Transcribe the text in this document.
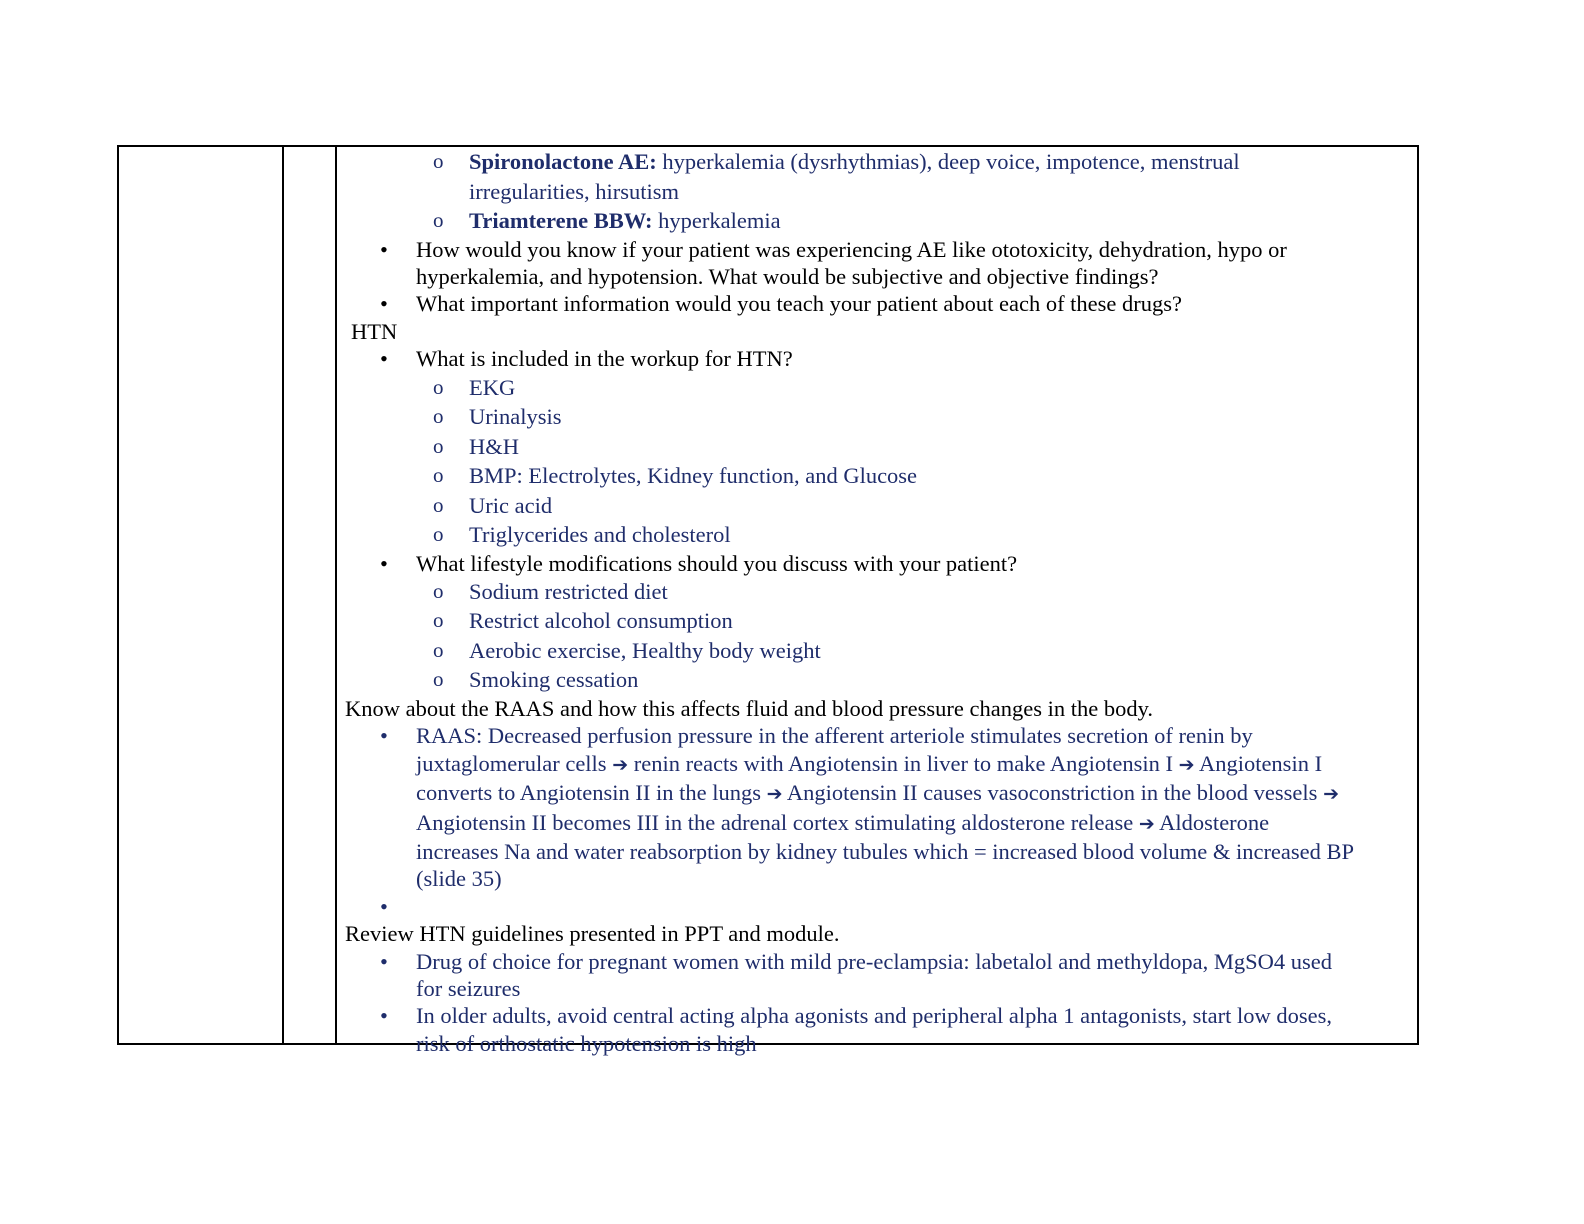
o Spironolactone AE: hyperkalemia (dysrhythmias), deep voice, impotence, menstrual
irregularities, hirsutism
o Triamterene BBW: hyperkalemia
• How would you know if your patient was experiencing AE like ototoxicity, dehydration, hypo or
hyperkalemia, and hypotension. What would be subjective and objective findings?
• What important information would you teach your patient about each of these drugs?
HTN
• What is included in the workup for HTN?
o EKG
o Urinalysis
o H&H
o BMP: Electrolytes, Kidney function, and Glucose
o Uric acid
o Triglycerides and cholesterol
• What lifestyle modifications should you discuss with your patient?
o Sodium restricted diet
o Restrict alcohol consumption
o Aerobic exercise, Healthy body weight
o Smoking cessation
Know about the RAAS and how this affects fluid and blood pressure changes in the body.
• RAAS: Decreased perfusion pressure in the afferent arteriole stimulates secretion of renin by
juxtaglomerular cells ➔ renin reacts with Angiotensin in liver to make Angiotensin I ➔ Angiotensin I
converts to Angiotensin II in the lungs ➔ Angiotensin II causes vasoconstriction in the blood vessels ➔
Angiotensin II becomes III in the adrenal cortex stimulating aldosterone release ➔ Aldosterone
increases Na and water reabsorption by kidney tubules which = increased blood volume & increased BP
(slide 35)
•

Review HTN guidelines presented in PPT and module.
• Drug of choice for pregnant women with mild pre-eclampsia: labetalol and methyldopa, MgSO4 used
for seizures
• In older adults, avoid central acting alpha agonists and peripheral alpha 1 antagonists, start low doses,
risk of orthostatic hypotension is high
